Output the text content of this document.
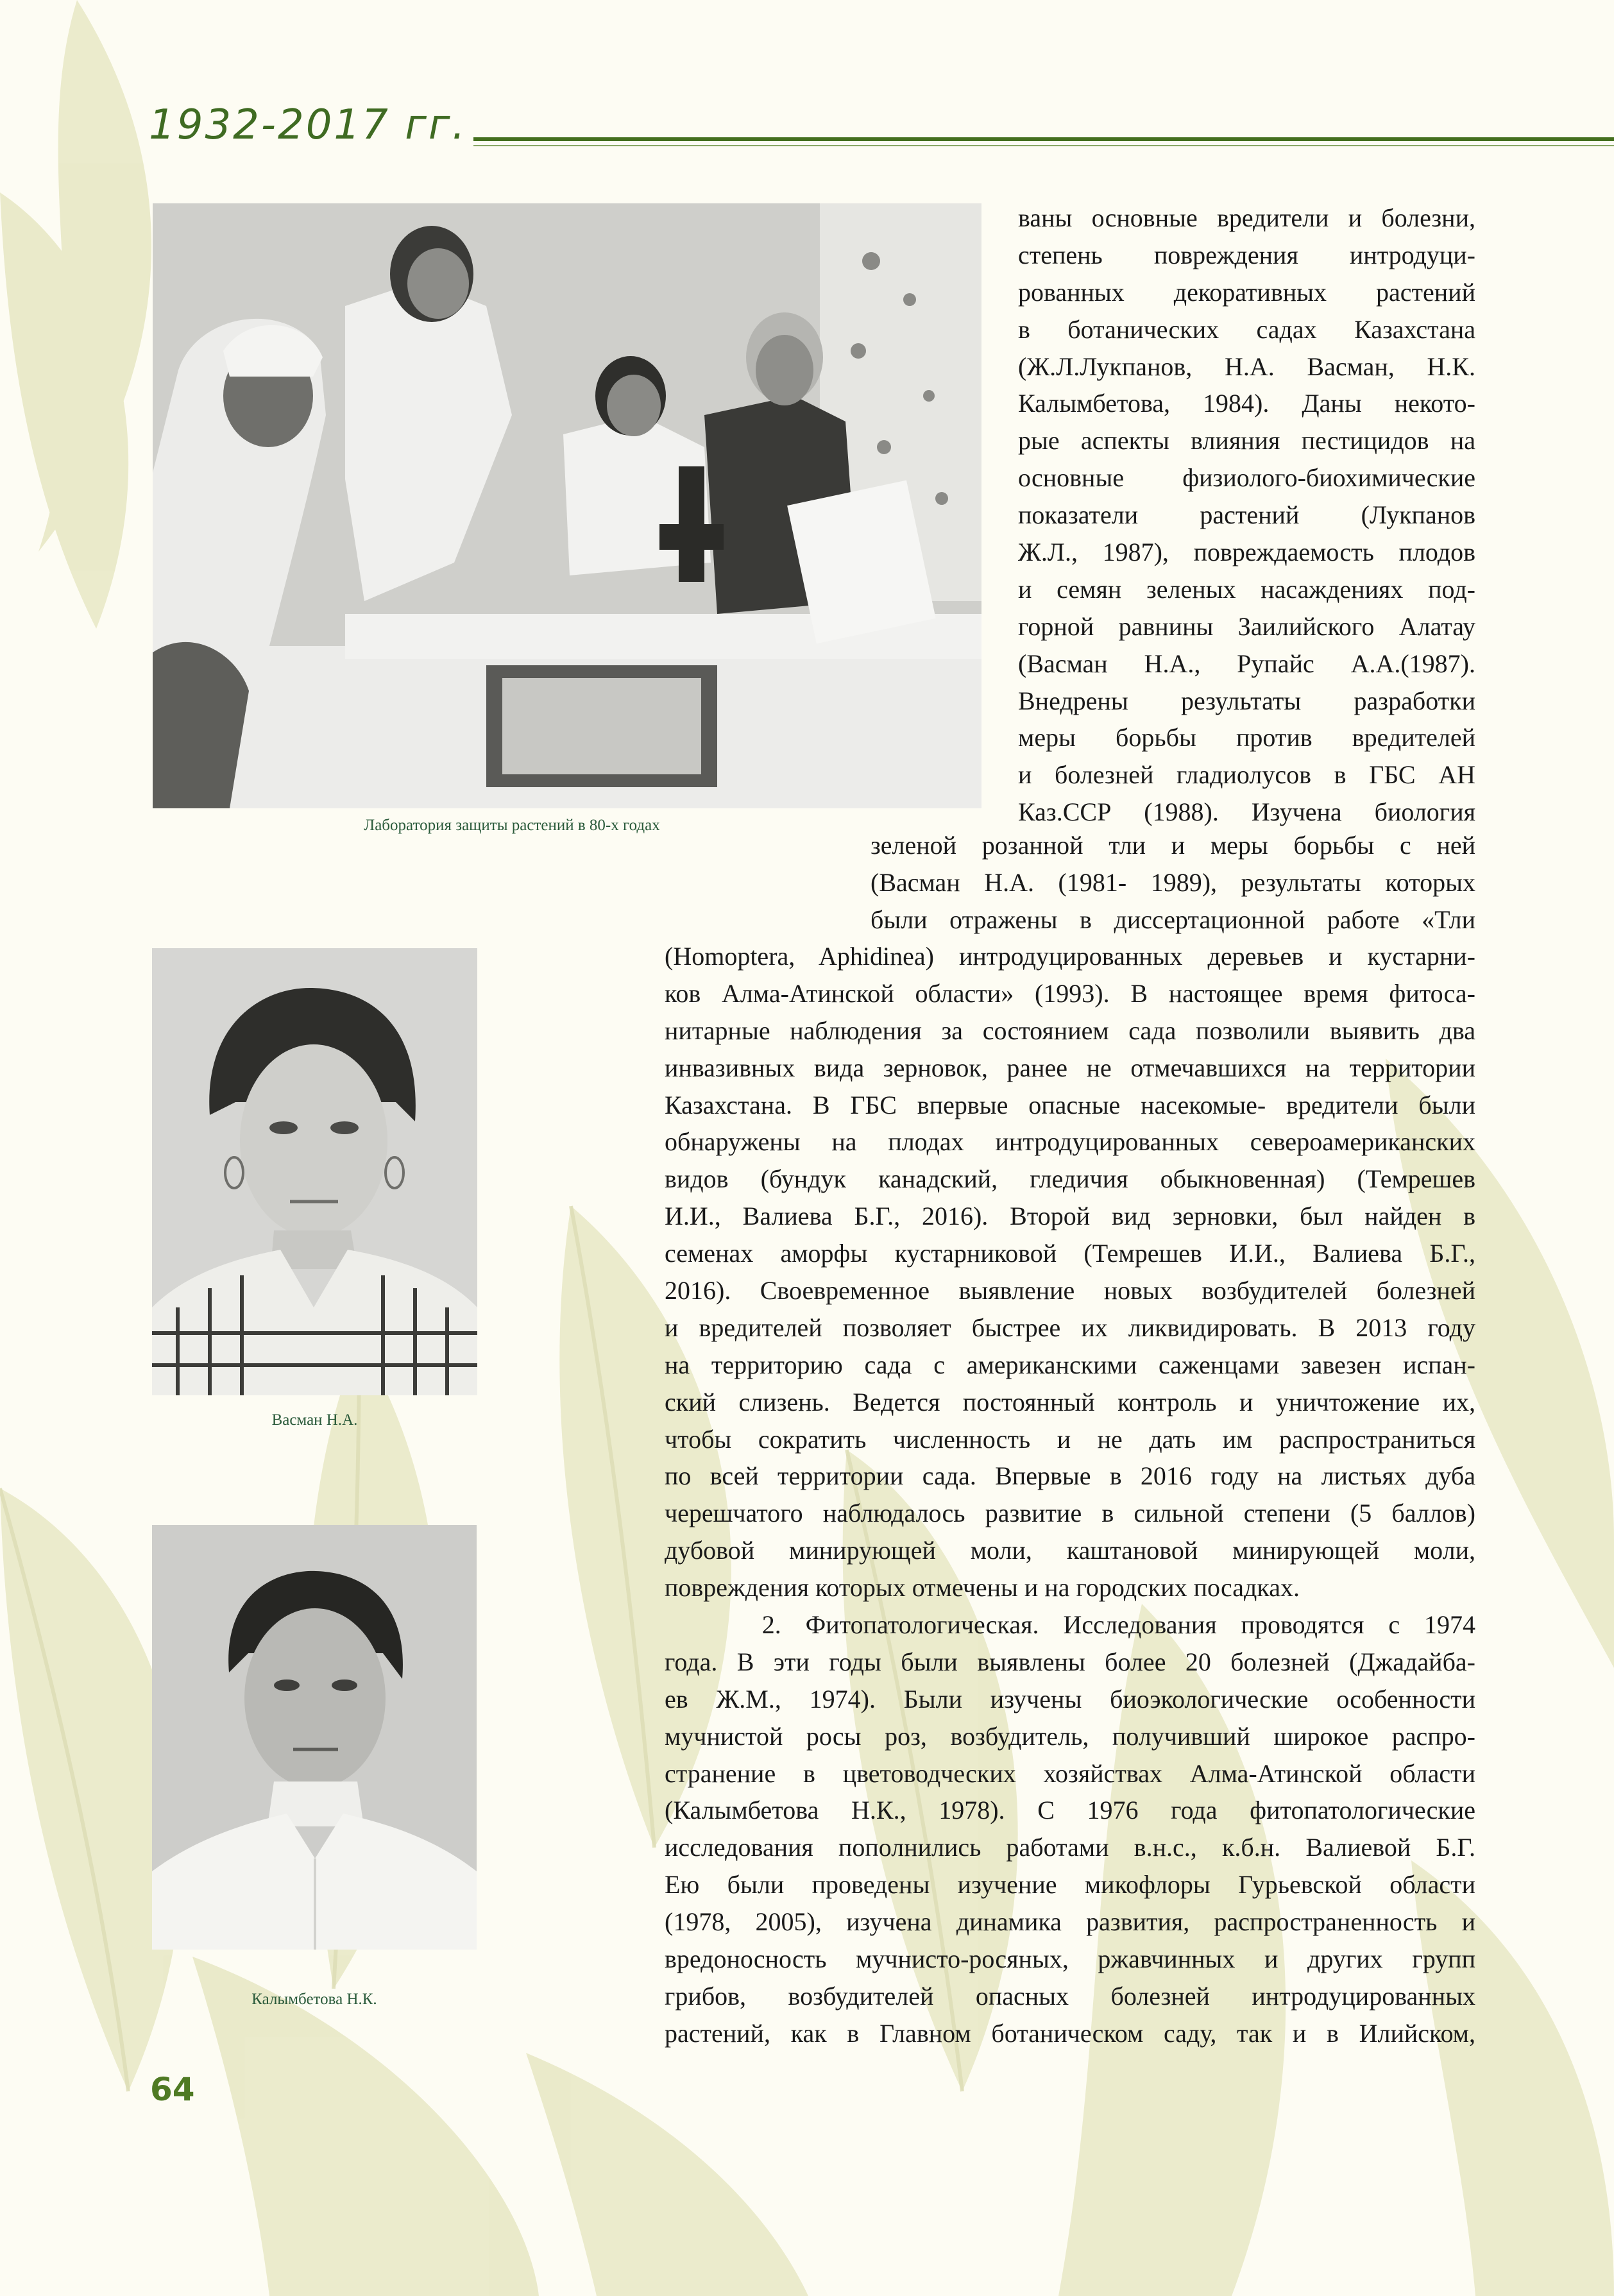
1932-2017 гг.
Лаборатория защиты растений в 80-х годах
Васман Н.А.
Калымбетова Н.К.
ваны основные вредители и болезни,
степень повреждения интродуци-
рованных декоративных растений
в ботанических садах Казахстана
(Ж.Л.Лукпанов, Н.А. Васман, Н.К.
Калымбетова, 1984). Даны некото-
рые аспекты влияния пестицидов на
основные физиолого-биохимические
показатели растений (Лукпанов
Ж.Л., 1987), повреждаемость плодов
и семян зеленых насаждениях под-
горной равнины Заилийского Алатау
(Васман Н.А., Рупайс А.А.(1987).
Внедрены результаты разработки
меры борьбы против вредителей
и болезней гладиолусов в ГБС АН
Каз.ССР (1988). Изучена биология
зеленой розанной тли и меры борьбы с ней
(Васман Н.А. (1981- 1989), результаты которых
были отражены в диссертационной работе «Тли
(Homoptera, Aphidinea) интродуцированных деревьев и кустарни-
ков Алма-Атинской области» (1993). В настоящее время фитоса-
нитарные наблюдения за состоянием сада позволили выявить два
инвазивных вида зерновок, ранее не отмечавшихся на территории
Казахстана. В ГБС впервые опасные насекомые- вредители были
обнаружены на плодах интродуцированных североамериканских
видов (бундук канадский, гледичия обыкновенная) (Темрешев
И.И., Валиева Б.Г., 2016). Второй вид зерновки, был найден в
семенах аморфы кустарниковой (Темрешев И.И., Валиева Б.Г.,
2016). Своевременное выявление новых возбудителей болезней
и вредителей позволяет быстрее их ликвидировать. В 2013 году
на территорию сада с американскими саженцами завезен испан-
ский слизень. Ведется постоянный контроль и уничтожение их,
чтобы сократить численность и не дать им распространиться
по всей территории сада. Впервые в 2016 году на листьях дуба
черешчатого наблюдалось развитие в сильной степени (5 баллов)
дубовой минирующей моли, каштановой минирующей моли,
повреждения которых отмечены и на городских посадках.
2. Фитопатологическая. Исследования проводятся с 1974
года. В эти годы были выявлены более 20 болезней (Джадайба-
ев Ж.М., 1974). Были изучены биоэкологические особенности
мучнистой росы роз, возбудитель, получивший широкое распро-
странение в цветоводческих хозяйствах Алма-Атинской области
(Калымбетова Н.К., 1978). С 1976 года фитопатологические
исследования пополнились работами в.н.с., к.б.н. Валиевой Б.Г.
Ею были проведены изучение микофлоры Гурьевской области
(1978, 2005), изучена динамика развития, распространенность и
вредоносность мучнисто-росяных, ржавчинных и других групп
грибов, возбудителей опасных болезней интродуцированных
растений, как в Главном ботаническом саду, так и в Илийском,
64
